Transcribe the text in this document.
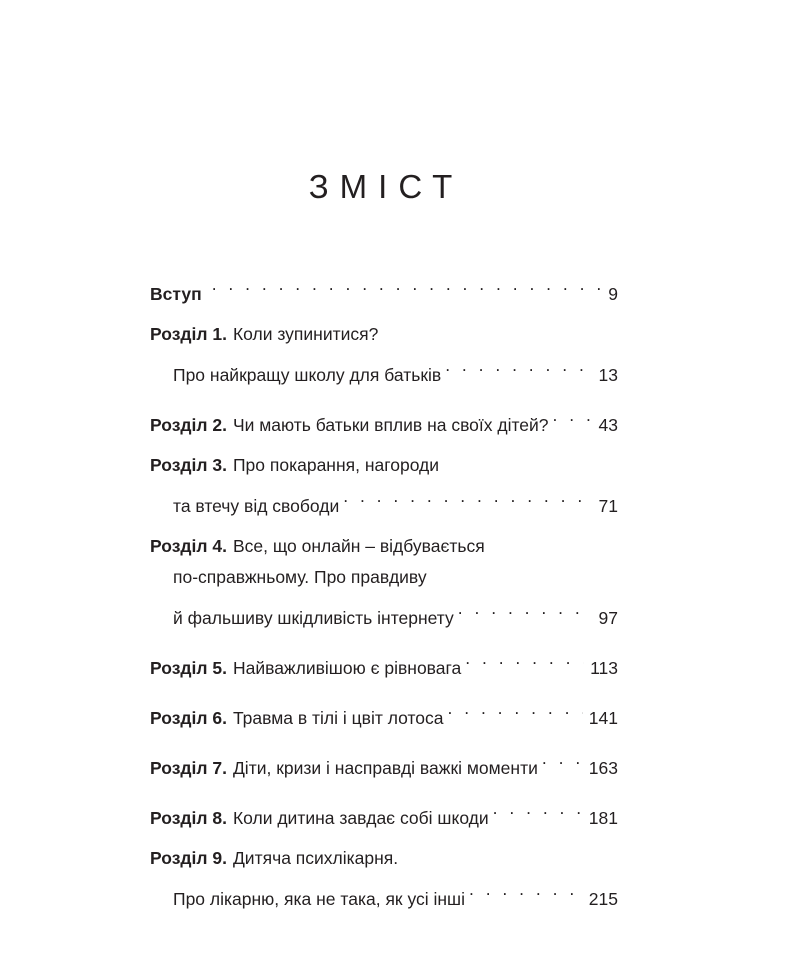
ЗМІСТ
Вступ . . .	9
Розділ 1. Коли зупинитися?
Про найкращу школу для батьків . . .	13
Розділ 2. Чи мають батьки вплив на своїх дітей? . . .	43
Розділ 3. Про покарання, нагороди
та втечу від свободи . . .	71
Розділ 4. Все, що онлайн – відбувається
по-справжньому. Про правдиву
й фальшиву шкідливість інтернету . . .	97
Розділ 5. Найважливішою є рівновага . . .	113
Розділ 6. Травма в тілі і цвіт лотоса . . .	141
Розділ 7. Діти, кризи і насправді важкі моменти . . .	163
Розділ 8. Коли дитина завдає собі шкоди . . .	181
Розділ 9. Дитяча психлікарня.
Про лікарню, яка не така, як усі інші . . .	215
